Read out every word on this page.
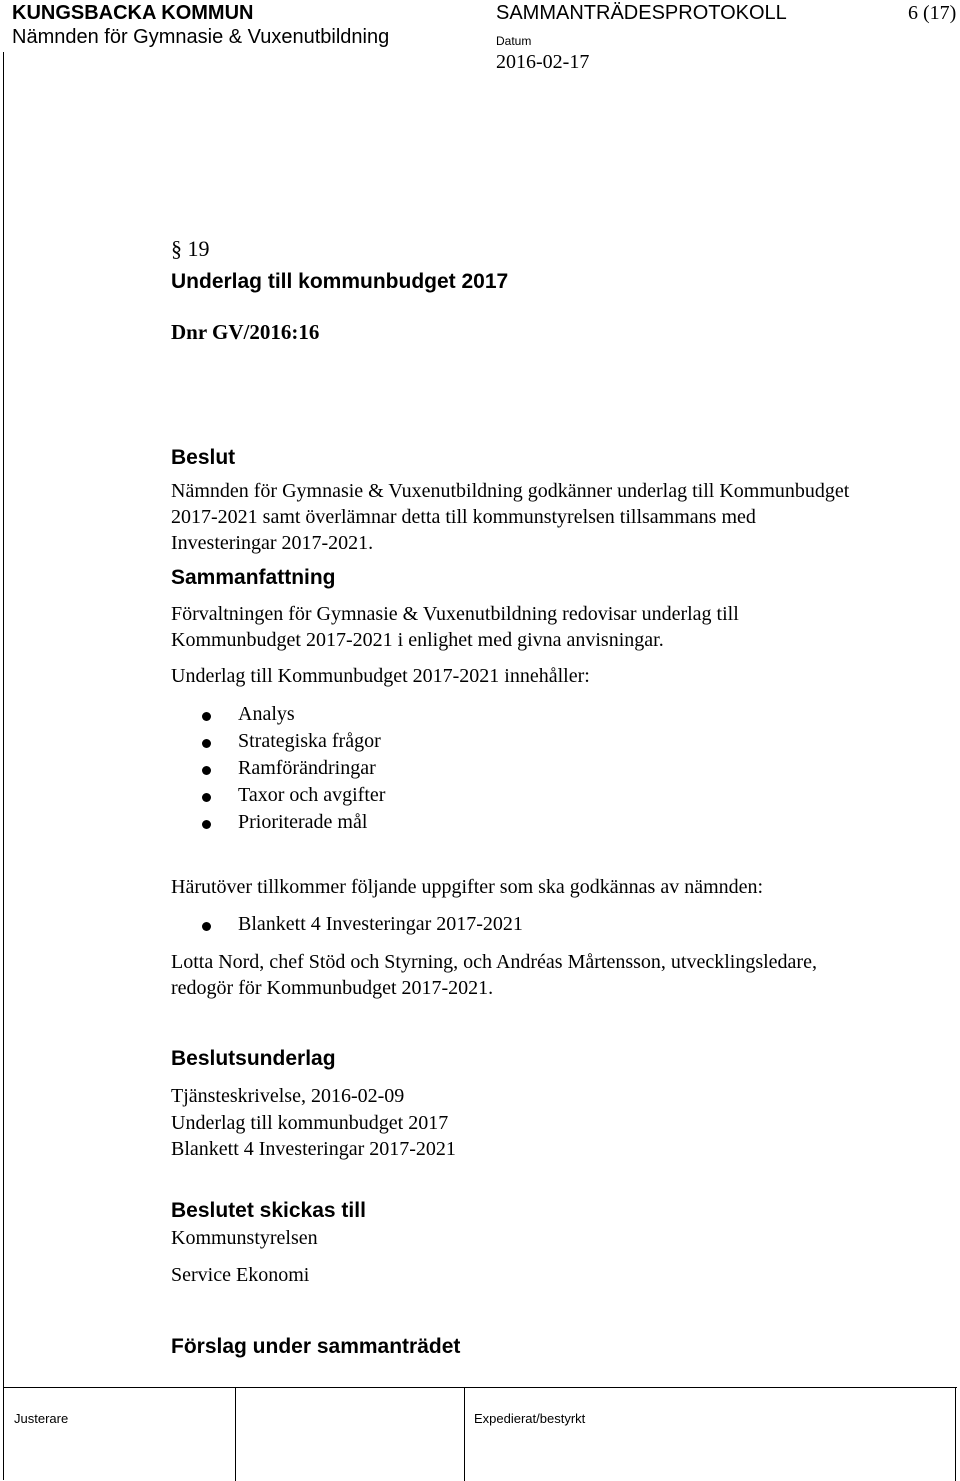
KUNGSBACKA KOMMUN
Nämnden för Gymnasie & Vuxenutbildning
SAMMANTRÄDESPROTOKOLL	6 (17)
Datum
2016-02-17
§ 19
Underlag till kommunbudget 2017
Dnr GV/2016:16
Beslut
Nämnden för Gymnasie & Vuxenutbildning godkänner underlag till Kommunbudget
2017-2021 samt överlämnar detta till kommunstyrelsen tillsammans med
Investeringar 2017-2021.
Sammanfattning
Förvaltningen för Gymnasie & Vuxenutbildning redovisar underlag till
Kommunbudget 2017-2021 i enlighet med givna anvisningar.
Underlag till Kommunbudget 2017-2021 innehåller:
Analys
Strategiska frågor
Ramförändringar
Taxor och avgifter
Prioriterade mål
Härutöver tillkommer följande uppgifter som ska godkännas av nämnden:
Blankett 4 Investeringar 2017-2021
Lotta Nord, chef Stöd och Styrning, och Andréas Mårtensson, utvecklingsledare,
redogör för Kommunbudget 2017-2021.
Beslutsunderlag
Tjänsteskrivelse, 2016-02-09
Underlag till kommunbudget 2017
Blankett 4 Investeringar 2017-2021
Beslutet skickas till
Kommunstyrelsen
Service Ekonomi
Förslag under sammanträdet
Justerare	Expedierat/bestyrkt
